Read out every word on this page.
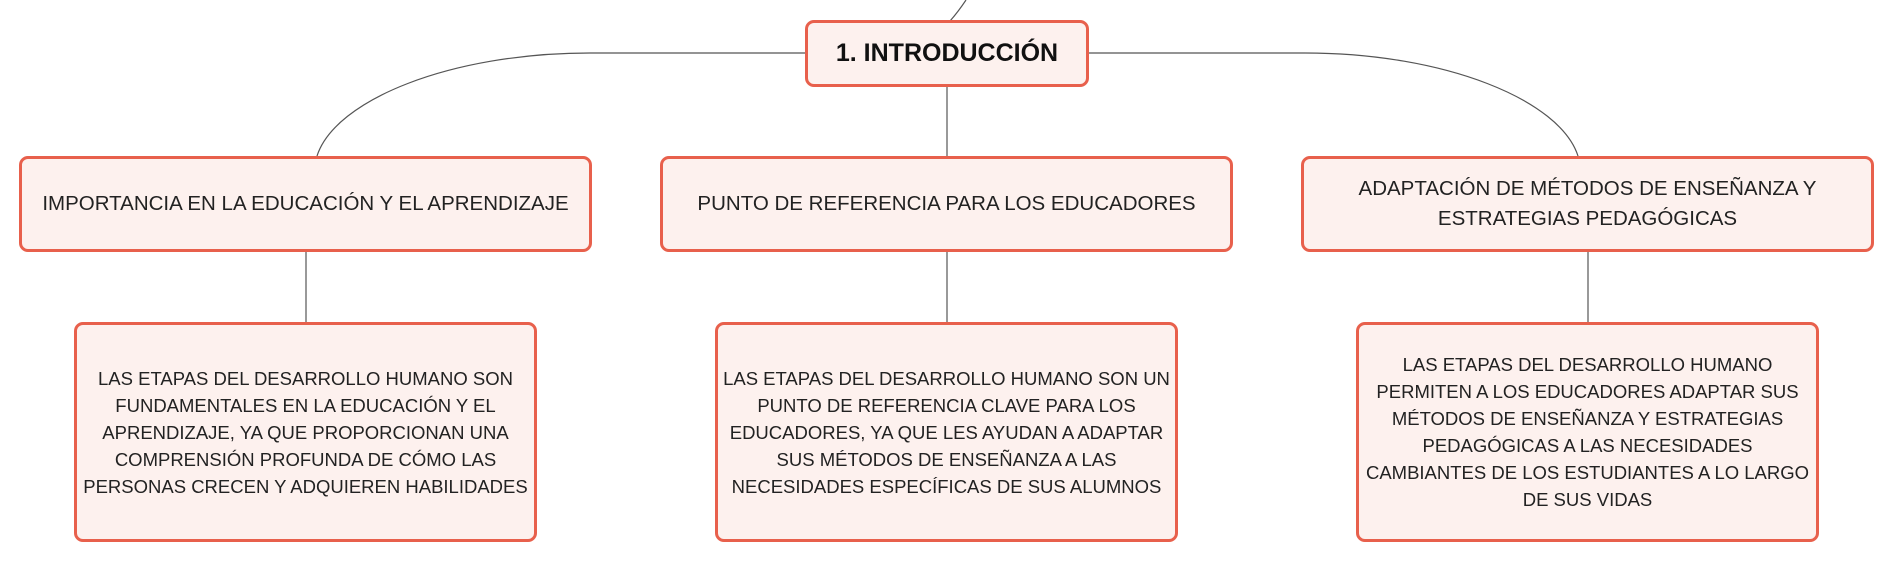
1. INTRODUCCIÓN
IMPORTANCIA EN LA EDUCACIÓN Y EL APRENDIZAJE	PUNTO DE REFERENCIA PARA LOS EDUCADORES
ADAPTACIÓN DE MÉTODOS DE ENSEÑANZA Y ESTRATEGIAS PEDAGÓGICAS
LAS ETAPAS DEL DESARROLLO HUMANO SON FUNDAMENTALES EN LA EDUCACIÓN Y EL APRENDIZAJE, YA QUE PROPORCIONAN UNA COMPRENSIÓN PROFUNDA DE CÓMO LAS PERSONAS CRECEN Y ADQUIEREN HABILIDADES
LAS ETAPAS DEL DESARROLLO HUMANO SON UN PUNTO DE REFERENCIA CLAVE PARA LOS EDUCADORES, YA QUE LES AYUDAN A ADAPTAR SUS MÉTODOS DE ENSEÑANZA A LAS NECESIDADES ESPECÍFICAS DE SUS ALUMNOS
LAS ETAPAS DEL DESARROLLO HUMANO PERMITEN A LOS EDUCADORES ADAPTAR SUS MÉTODOS DE ENSEÑANZA Y ESTRATEGIAS PEDAGÓGICAS A LAS NECESIDADES CAMBIANTES DE LOS ESTUDIANTES A LO LARGO DE SUS VIDAS
